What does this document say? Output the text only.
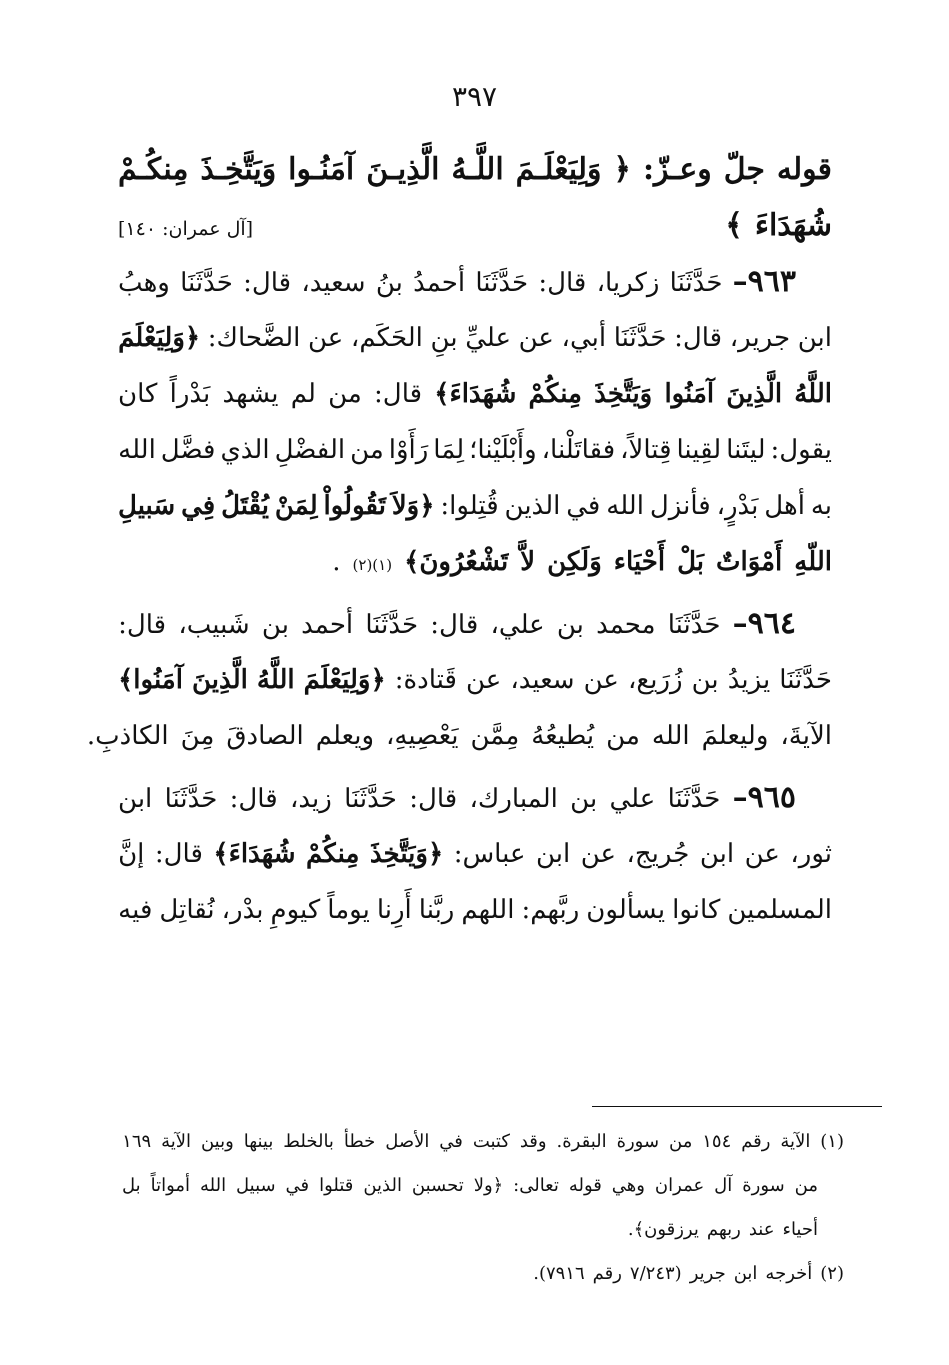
٣٩٧
قوله
جلّ
وعـزّ:
﴿
وَلِيَعْلَـمَ
اللَّـهُ
الَّذِيـنَ
آمَنُـوا
وَيَتَّخِـذَ
مِنكُـمْ
شُهَدَاءَ
﴾
[آل عمران: ١٤٠]
٩٦٣–
حَدَّثَنَا
زكريا،
قال:
حَدَّثَنَا
أحمدُ
بنُ
سعيد،
قال:
حَدَّثَنَا
وهبُ
ابن
جرير،
قال:
حَدَّثَنَا
أبي،
عن
عليِّ
بنِ
الحَكَم،
عن
الضَّحاك:
﴿وَلِيَعْلَمَ
اللَّهُ
الَّذِينَ
آمَنُوا
وَيَتَّخِذَ
مِنكُمْ
شُهَدَاءَ﴾
قال:
من
لم
يشهد
بَدْراً
كان
يقول:
ليتَنا
لقِينا
قِتالاً،
فقاتَلْنا،
وأَبْلَيْنا؛
لِمَا
رَأَوْا
من
الفضْلِ
الذي
فضَّل
الله
به
أهل
بَدْرٍ،
فأنزل
الله
في
الذين
قُتِلوا:
﴿وَلاَ
تَقُولُواْ
لِمَنْ
يُقْتَلُ
فِي
سَبيلِ
اللّهِ
أَمْوَاتٌ
بَلْ
أَحْيَاء
وَلَكِن
لاَّ
تَشْعُرُونَ﴾
(١)(٢)
.
٩٦٤–
حَدَّثَنَا
محمد
بن
علي،
قال:
حَدَّثَنَا
أحمد
بن
شَبيب،
قال:
حَدَّثَنَا
يزيدُ
بن
زُرَيع،
عن
سعيد،
عن
قَتادة:
﴿وَلِيَعْلَمَ
اللَّهُ
الَّذِينَ
آمَنُوا﴾
الآيةَ،
وليعلمَ
الله
من
يُطيعُهُ
مِمَّن
يَعْصِيهِ،
ويعلم
الصادقَ
مِنَ
الكاذبِ.
٩٦٥–
حَدَّثَنَا
علي
بن
المبارك،
قال:
حَدَّثَنَا
زيد،
قال:
حَدَّثَنَا
ابن
ثور،
عن
ابن
جُريج،
عن
ابن
عباس:
﴿وَيَتَّخِذَ
مِنكُمْ
شُهَدَاءَ﴾
قال:
إنَّ
المسلمين
كانوا
يسألون
ربَّهم:
اللهم
ربَّنا
أَرِنا
يوماً
كيومِ
بدْر،
نُقاتِل
فيه
(١)
الآية
رقم
١٥٤
من
سورة
البقرة.
وقد
كتبت
في
الأصل
خطأ
بالخلط
بينها
وبين
الآية
١٦٩
من
سورة
آل
عمران
وهي
قوله
تعالى:
﴿ولا
تحسبن
الذين
قتلوا
في
سبيل
الله
أمواتاً
بل
أحياء
عند
ربهم
يرزقون﴾.
(٢)
أخرجه
ابن
جرير
(٧/٢٤٣
رقم
٧٩١٦).
